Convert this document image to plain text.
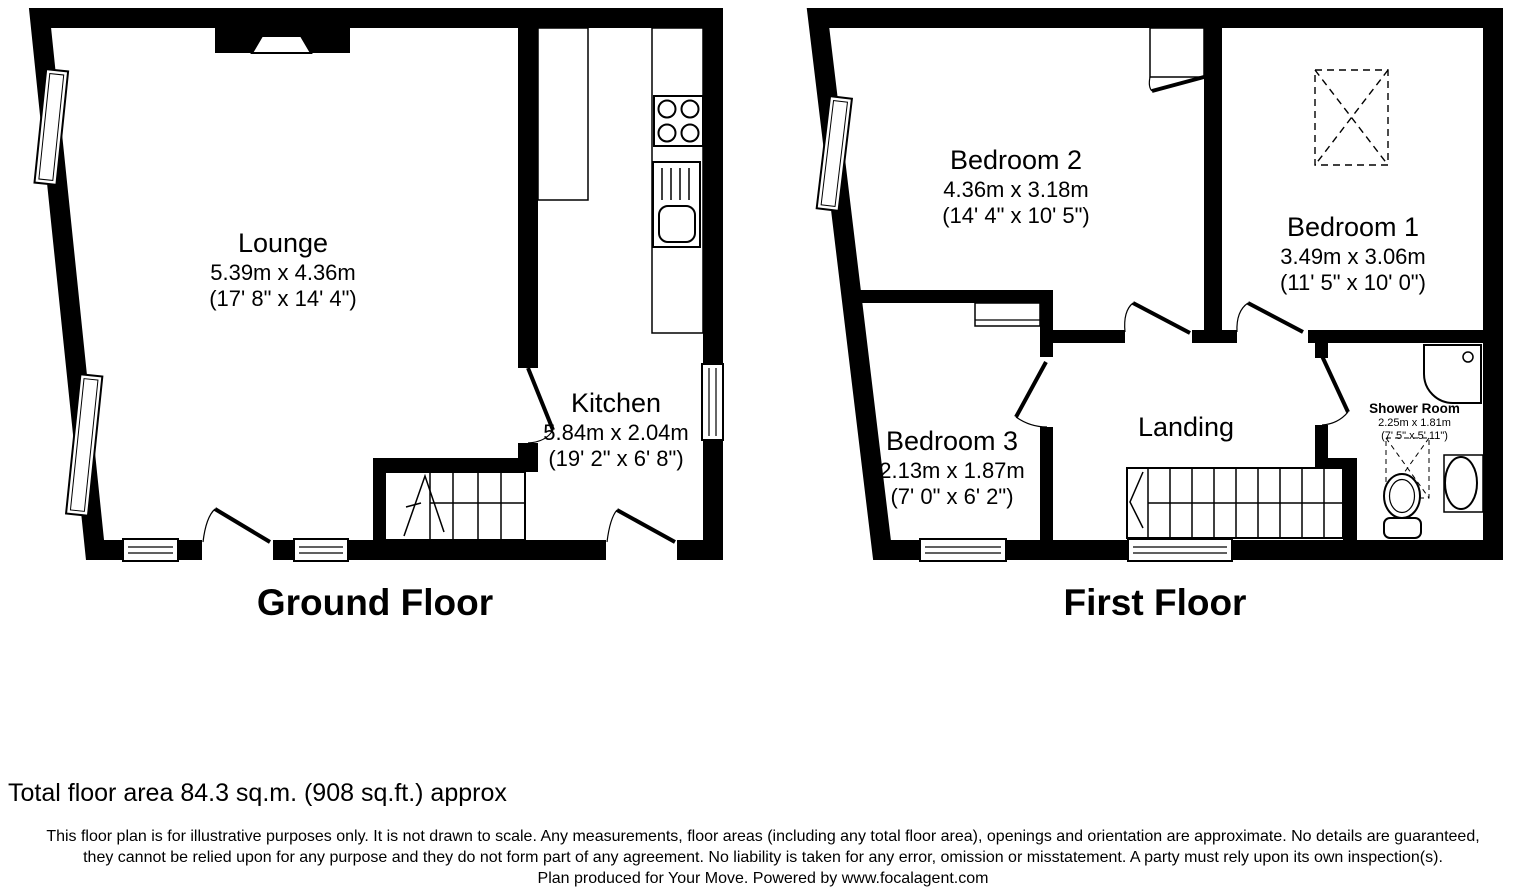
Lounge
5.39m x 4.36m
(17' 8" x 14' 4")
Kitchen
5.84m x 2.04m
(19' 2" x 6' 8")
Bedroom 2
4.36m x 3.18m
(14' 4" x 10' 5")	Bedroom 1
3.49m x 3.06m
(11' 5" x 10' 0")
Bedroom 3
2.13m x 1.87m
(7' 0" x 6' 2")
Landing
Shower Room
2.25m x 1.81m
(7' 5" x 5' 11")
Ground Floor	First Floor
Total floor area 84.3 sq.m. (908 sq.ft.) approx
This floor plan is for illustrative purposes only. It is not drawn to scale. Any measurements, floor areas (including any total floor area), openings and orientation are approximate. No details are guaranteed,
they cannot be relied upon for any purpose and they do not form part of any agreement. No liability is taken for any error, omission or misstatement. A party must rely upon its own inspection(s).
Plan produced for Your Move. Powered by www.focalagent.com
